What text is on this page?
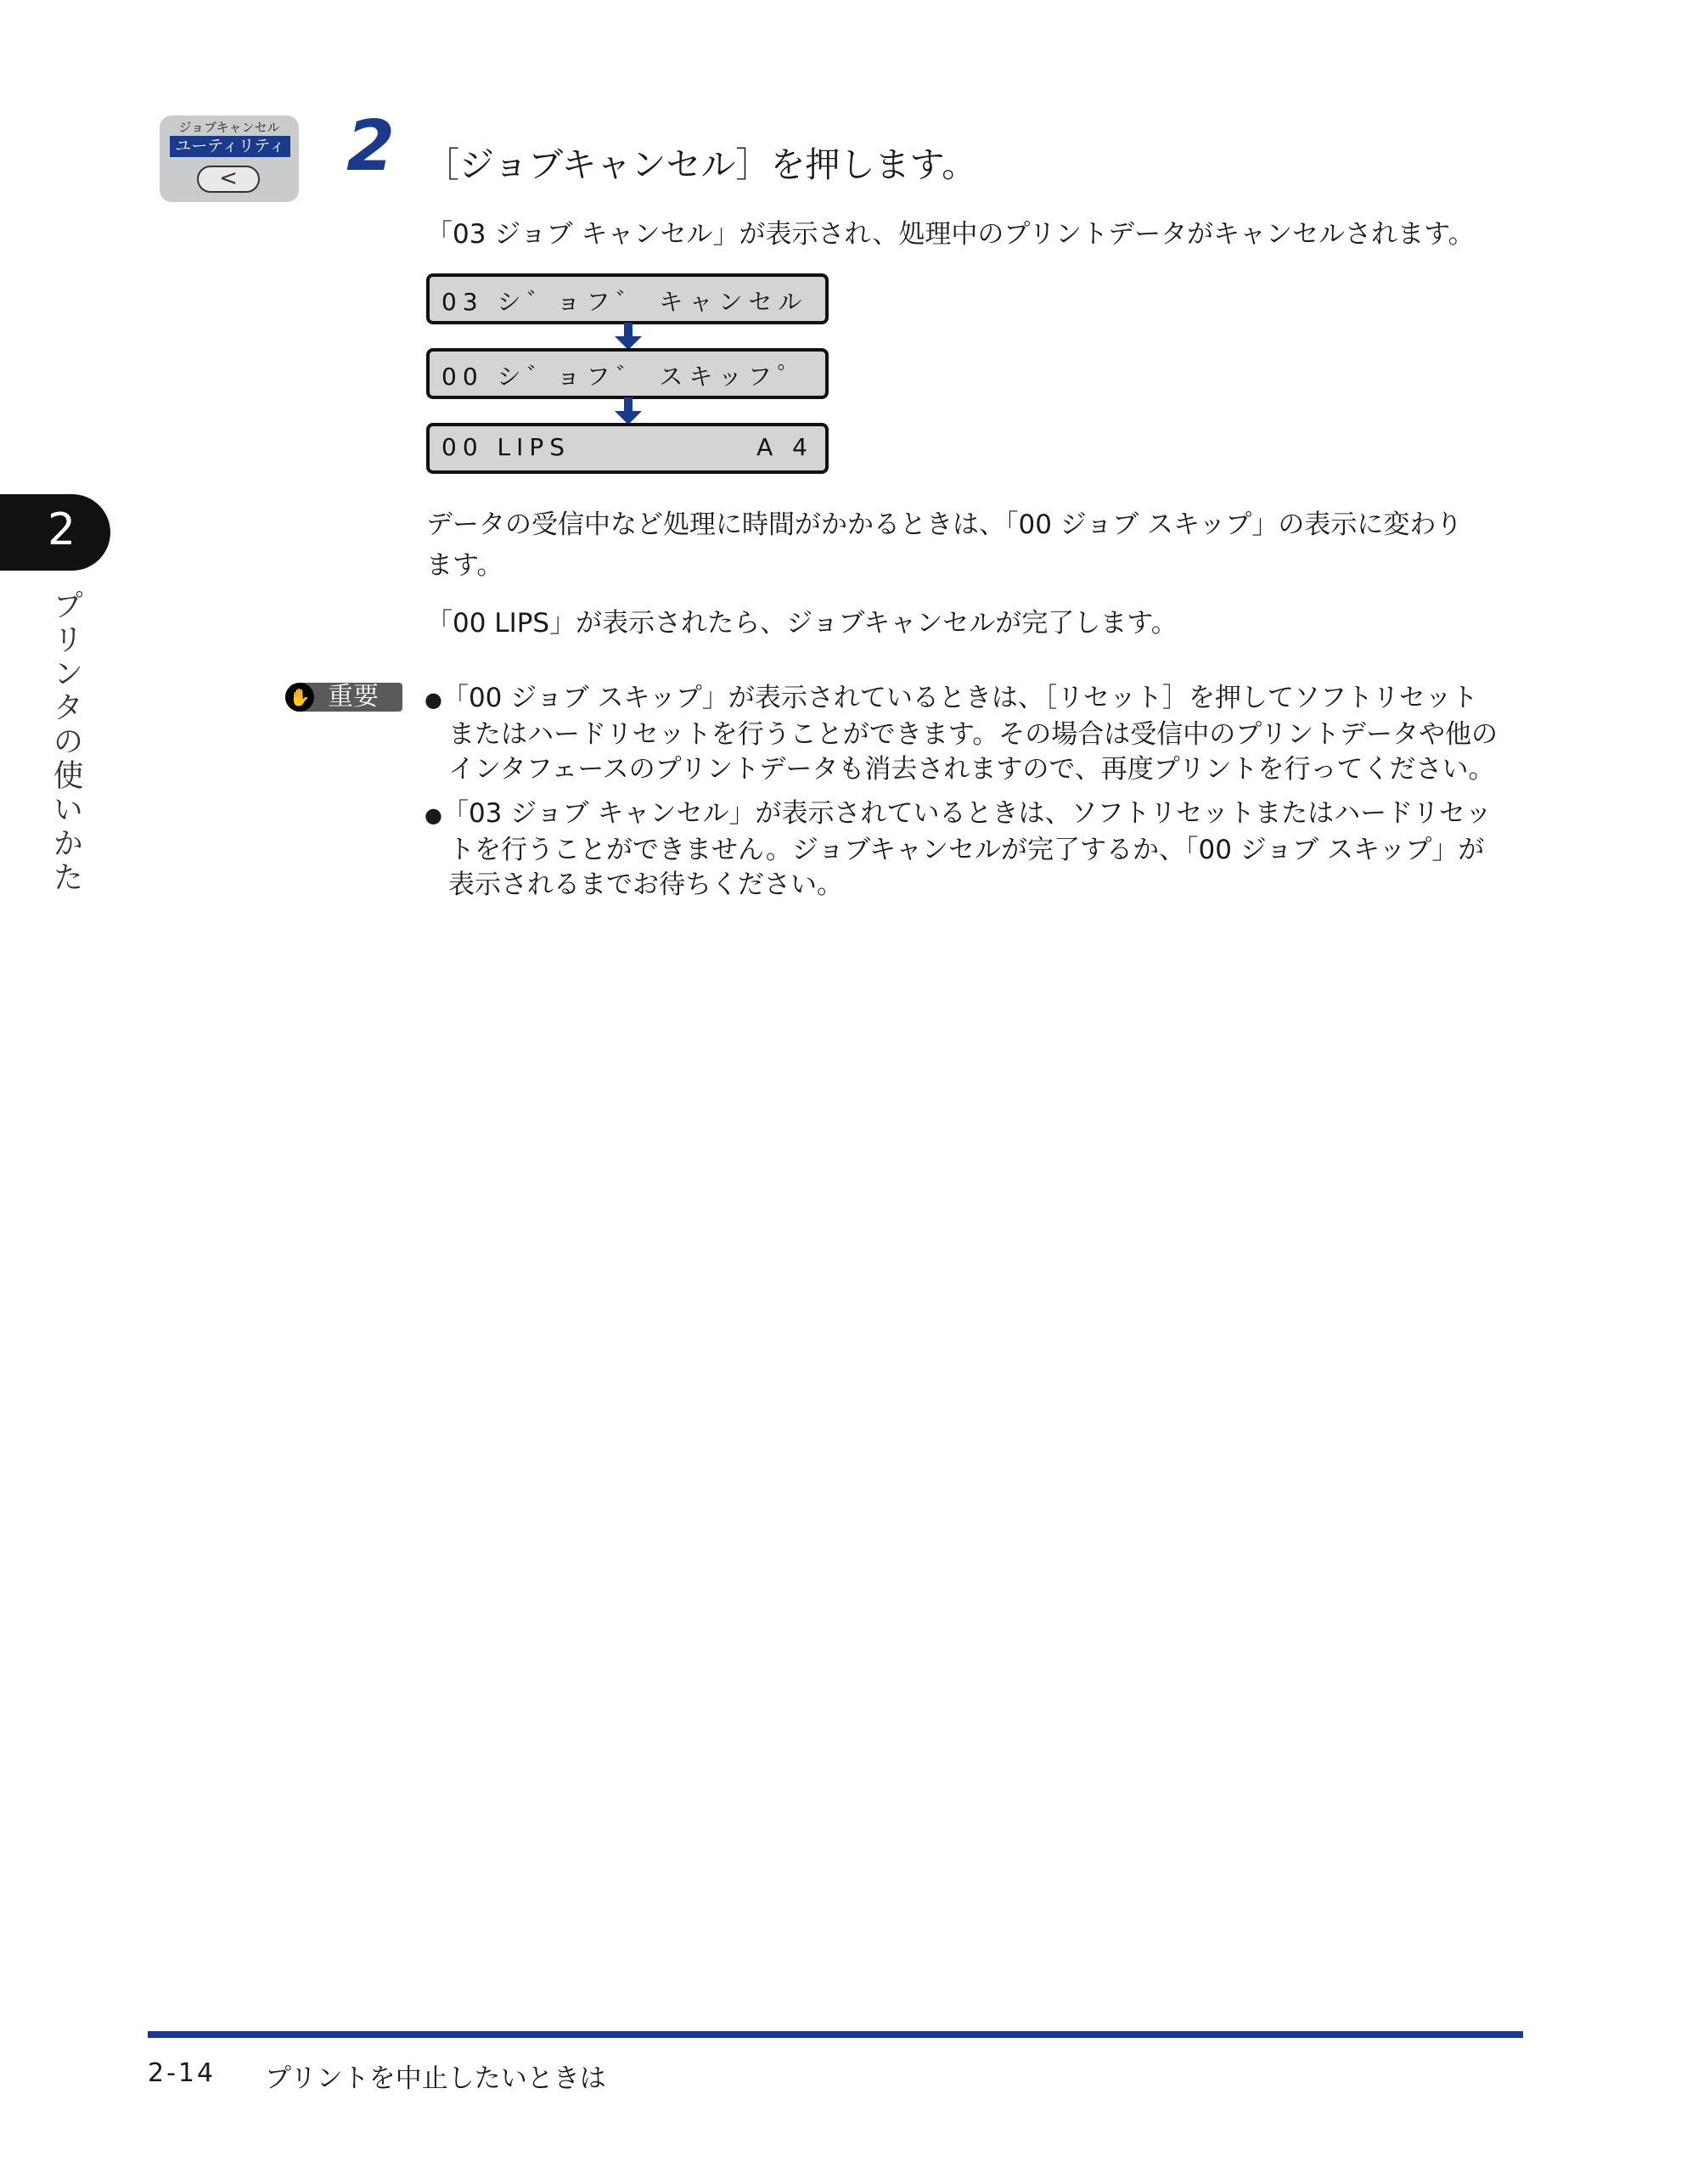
ジョブキャンセル
ユーティリティ
<	2 ［ジョブキャンセル］を押します。
「03 ジョブ キャンセル」が表示され、処理中のプリントデータがキャンセルされます。
03 シ゛ョフ゛ キャンセル
00 シ゛ョフ゛ スキッフ゜
00 LIPS	A 4
データの受信中など処理に時間がかかるときは、「00 ジョブ スキップ」の表示に変わり
ます。
「00 LIPS」が表示されたら、ジョブキャンセルが完了します。
✋ 重要 ●「00 ジョブ スキップ」が表示されているときは、［リセット］を押してソフトリセット
またはハードリセットを行うことができます。その場合は受信中のプリントデータや他の
インタフェースのプリントデータも消去されますので、再度プリントを行ってください。
●「03 ジョブ キャンセル」が表示されているときは、ソフトリセットまたはハードリセッ
トを行うことができません。ジョブキャンセルが完了するか、「00 ジョブ スキップ」が
表示されるまでお待ちください。
2
プリンタの使いかた
2-14 プリントを中止したいときは
